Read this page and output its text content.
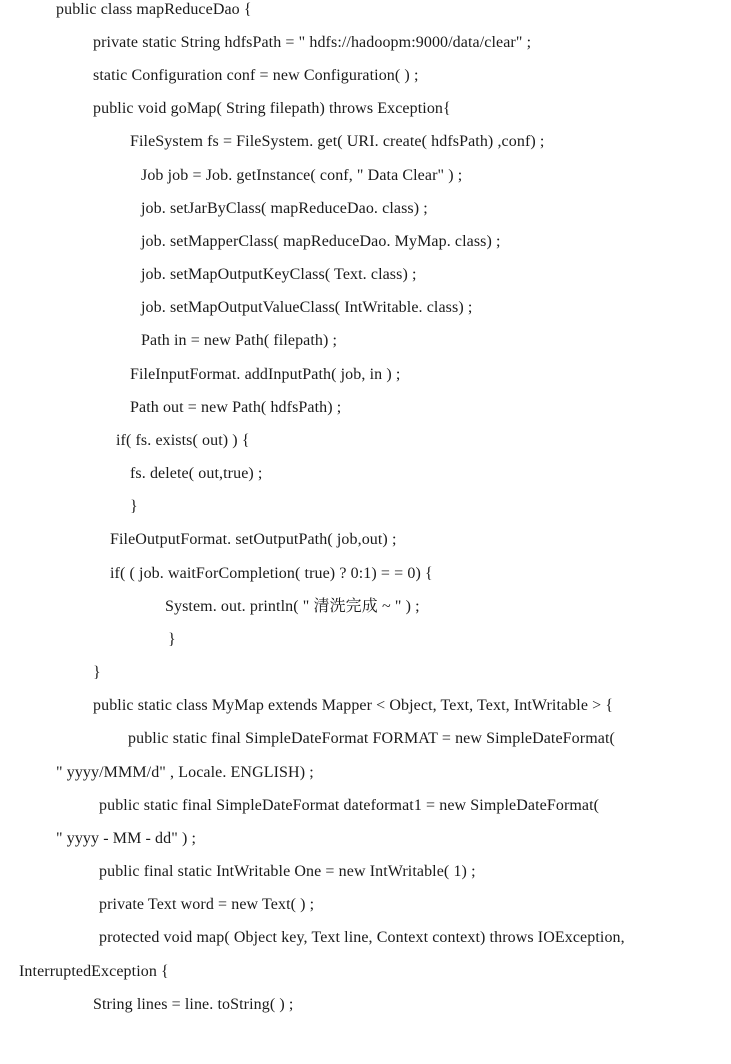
public class mapReduceDao {
private static String hdfsPath = " hdfs://hadoopm:9000/data/clear" ;
static Configuration conf = new Configuration( ) ;
public void goMap( String filepath) throws Exception{
FileSystem fs = FileSystem. get( URI. create( hdfsPath) ,conf) ;
Job job = Job. getInstance( conf, " Data Clear" ) ;
job. setJarByClass( mapReduceDao. class) ;
job. setMapperClass( mapReduceDao. MyMap. class) ;
job. setMapOutputKeyClass( Text. class) ;
job. setMapOutputValueClass( IntWritable. class) ;
Path in = new Path( filepath) ;
FileInputFormat. addInputPath( job, in ) ;
Path out = new Path( hdfsPath) ;
if( fs. exists( out) ) {
fs. delete( out,true) ;
}
FileOutputFormat. setOutputPath( job,out) ;
if( ( job. waitForCompletion( true) ? 0:1) = = 0) {
System. out. println( " 清洗完成 ~ " ) ;
}
}
public static class MyMap extends Mapper < Object, Text, Text, IntWritable > {
public static final SimpleDateFormat FORMAT = new SimpleDateFormat(
" yyyy/MMM/d" , Locale. ENGLISH) ;
public static final SimpleDateFormat dateformat1 = new SimpleDateFormat(
" yyyy - MM - dd" ) ;
public final static IntWritable One = new IntWritable( 1) ;
private Text word = new Text( ) ;
protected void map( Object key, Text line, Context context) throws IOException,
InterruptedException {
String lines = line. toString( ) ;
